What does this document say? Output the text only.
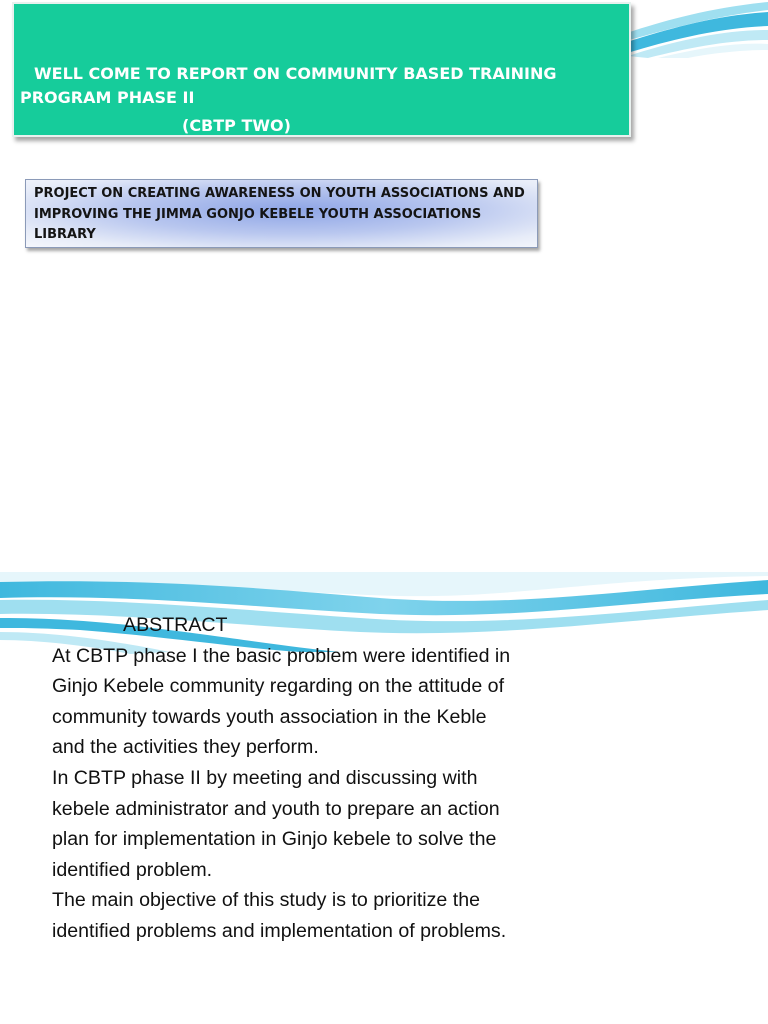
WELL COME TO REPORT ON COMMUNITY BASED TRAINING
PROGRAM PHASE II
(CBTP TWO)
PROJECT ON CREATING AWARENESS ON YOUTH ASSOCIATIONS AND
IMPROVING THE JIMMA GONJO KEBELE YOUTH ASSOCIATIONS
LIBRARY
ABSTRACT
At CBTP phase I the basic problem were identified in
Ginjo Kebele community regarding on the attitude of
community towards youth association in the Keble
and the activities they perform.
In CBTP phase II by meeting and discussing with
kebele administrator and youth to prepare an action
plan for implementation in Ginjo kebele to solve the
identified problem.
The main objective of this study is to prioritize the
identified problems and implementation of problems.
